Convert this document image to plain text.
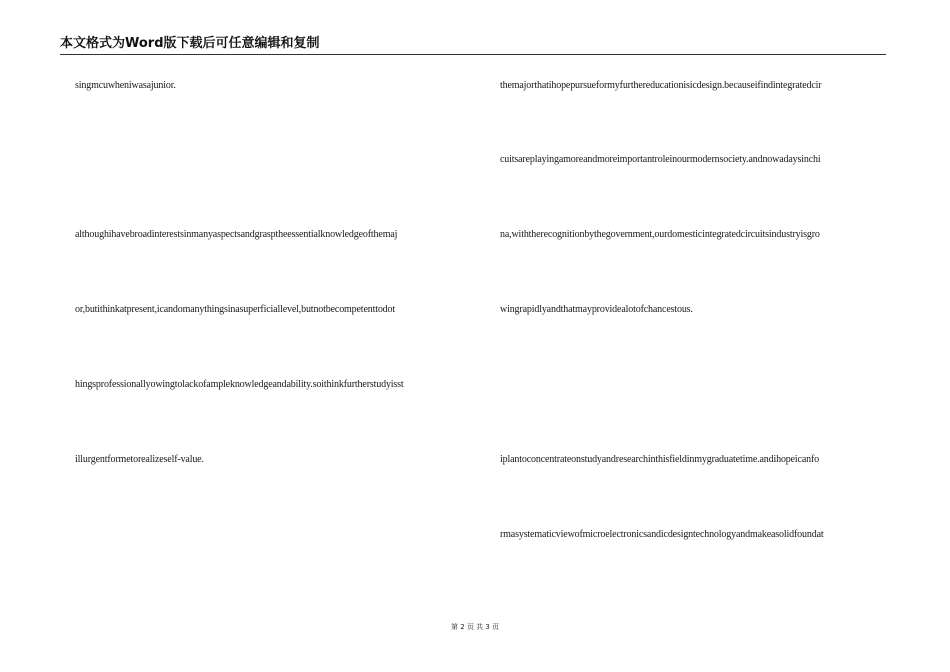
本文格式为Word版下载后可任意编辑和复制
singmcuwheniwasajunior.
althoughihavebroadinterestsinmanyaspectsandgrasptheessentialknowledgeofthemaj
or,butithinkatpresent,icandomanythingsinasuperficiallevel,butnotbecompetenttodot
hingsprofessionallyowingtolackofampleknowledgeandability.soithinkfurtherstudyisst
illurgentformetorealizeself-value.
themajorthatihopepursueformyfurthereducationisicdesign.becauseifindintegratedcir
cuitsareplayingamoreandmoreimportantroleinourmodernsociety.andnowadaysinchi
na,withtherecognitionbythegovernment,ourdomesticintegratedcircuitsindustryisgro
wingrapidlyandthatmayprovidealotofchancestous.
iplantoconcentrateonstudyandresearchinthisfieldinmygraduatetime.andihopeicanfo
rmasystematicviewofmicroelectronicsandicdesigntechnologyandmakeasolidfoundat
第 2 页 共 3 页
